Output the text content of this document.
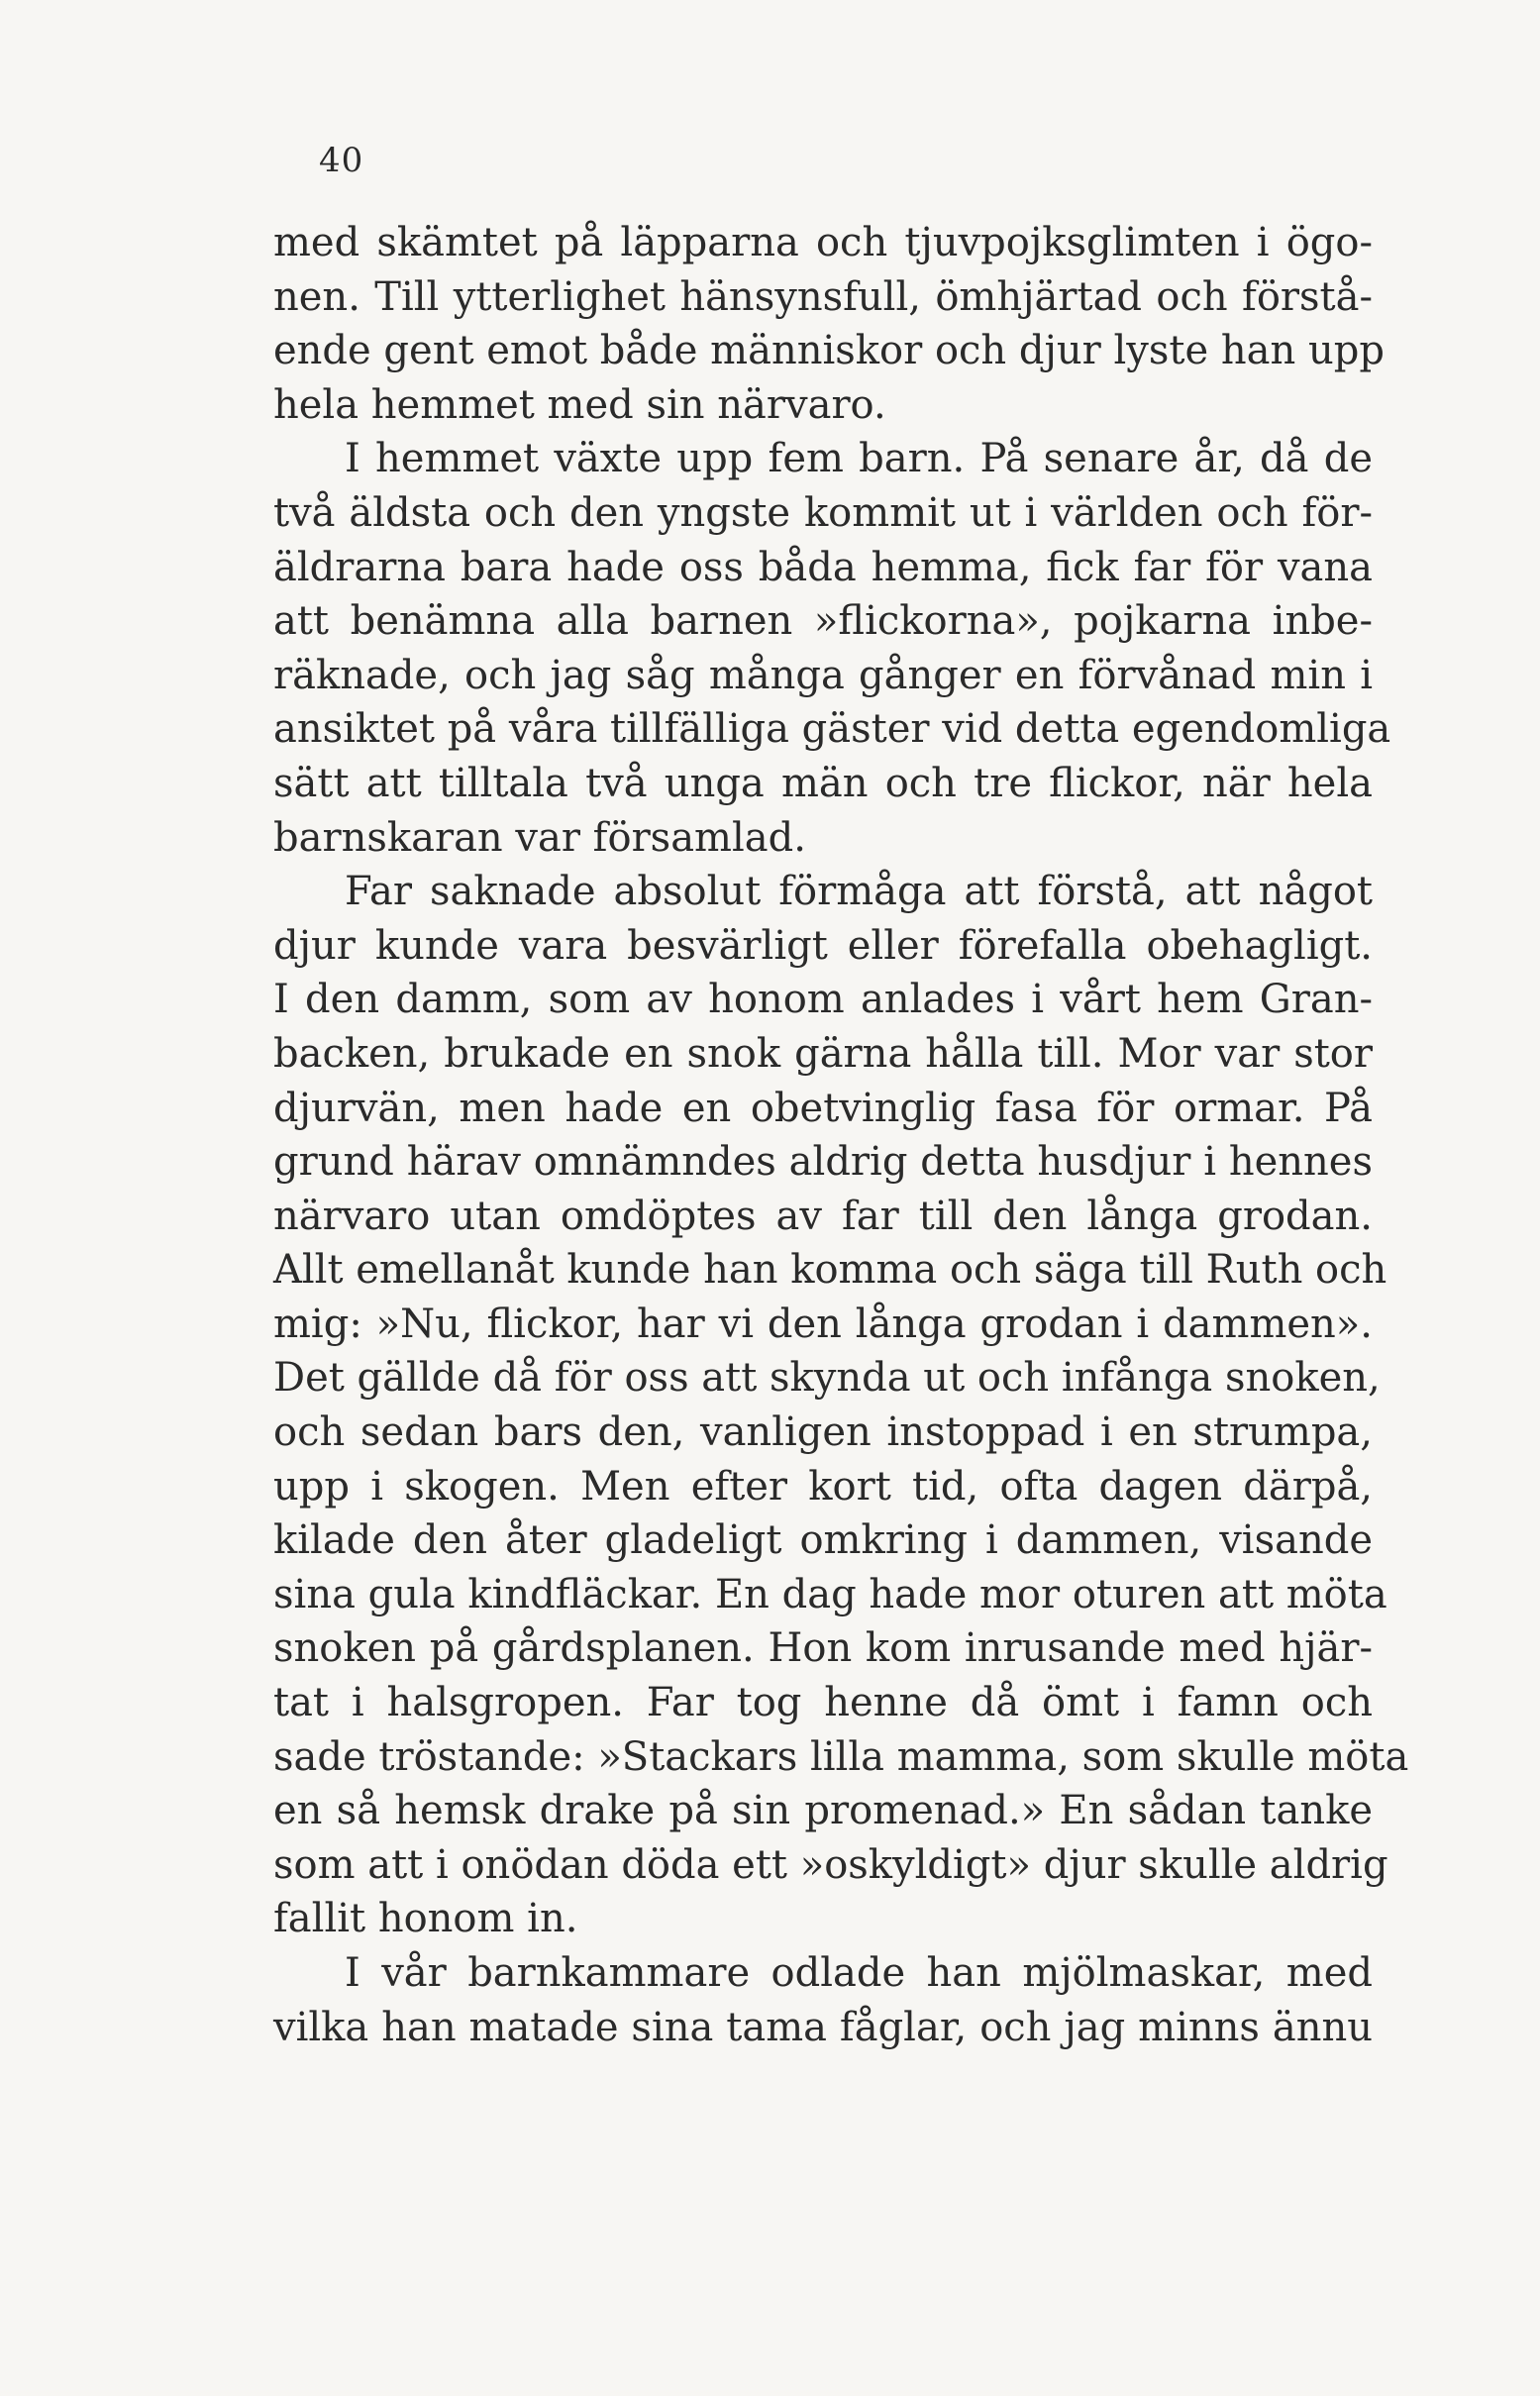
40
med skämtet på läpparna och tjuvpojksglimten i ögo-
nen. Till ytterlighet hänsynsfull, ömhjärtad och förstå-
ende gent emot både människor och djur lyste han upp
hela hemmet med sin närvaro.
I hemmet växte upp fem barn. På senare år, då de
två äldsta och den yngste kommit ut i världen och för-
äldrarna bara hade oss båda hemma, fick far för vana
att benämna alla barnen »flickorna», pojkarna inbe-
räknade, och jag såg många gånger en förvånad min i
ansiktet på våra tillfälliga gäster vid detta egendomliga
sätt att tilltala två unga män och tre flickor, när hela
barnskaran var församlad.
Far saknade absolut förmåga att förstå, att något
djur kunde vara besvärligt eller förefalla obehagligt.
I den damm, som av honom anlades i vårt hem Gran-
backen, brukade en snok gärna hålla till. Mor var stor
djurvän, men hade en obetvinglig fasa för ormar. På
grund härav omnämndes aldrig detta husdjur i hennes
närvaro utan omdöptes av far till den långa grodan.
Allt emellanåt kunde han komma och säga till Ruth och
mig: »Nu, flickor, har vi den långa grodan i dammen».
Det gällde då för oss att skynda ut och infånga snoken,
och sedan bars den, vanligen instoppad i en strumpa,
upp i skogen. Men efter kort tid, ofta dagen därpå,
kilade den åter gladeligt omkring i dammen, visande
sina gula kindfläckar. En dag hade mor oturen att möta
snoken på gårdsplanen. Hon kom inrusande med hjär-
tat i halsgropen. Far tog henne då ömt i famn och
sade tröstande: »Stackars lilla mamma, som skulle möta
en så hemsk drake på sin promenad.» En sådan tanke
som att i onödan döda ett »oskyldigt» djur skulle aldrig
fallit honom in.
I vår barnkammare odlade han mjölmaskar, med
vilka han matade sina tama fåglar, och jag minns ännu
